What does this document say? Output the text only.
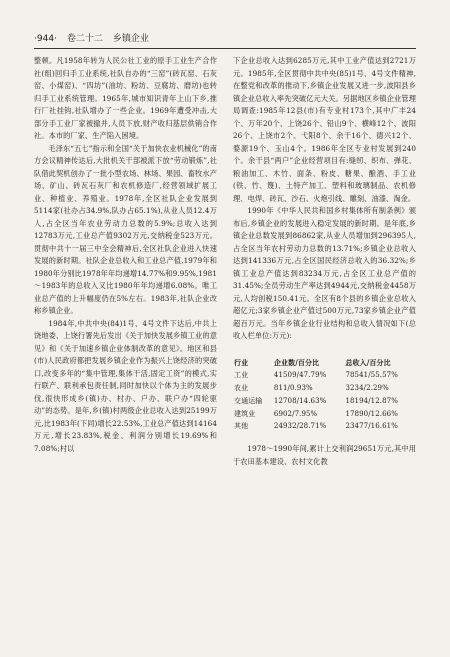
·944· 卷二十二 乡镇企业

整顿。凡1958年转为人民公社工业的原手工业生产合作社(组)回归手工业系统,社队自办的“三窑”(砖瓦窑、石灰窑、小煤窑)、“四坊”(油坊、粉坊、豆腐坊、磨坊)也转归手工业系统管理。1965年,城市知识青年上山下乡,推行厂社挂钩,社队增办了一些企业。1969年遭受冲击,大部分手工业厂家被撤并,人员下放,财产收归基层供销合作社。本市的厂家、生产陷入困境。

毛泽东“五七”指示和全国“关于加快农业机械化”的南方会议精神传达后,大批机关干部被派下放“劳动锻炼”,社队借此契机创办了一批小型农场、林场、果园、畜牧水产场、矿山、砖瓦石灰厂和农机修造厂,经营领域扩展工业、种植业、养殖业。1978年,全区社队企业发展到5114家(社办占34.9%,队办占65.1%),从业人员12.4万人,占全区当年农业劳动力总数的5.9%;总收入达到12783万元,工业总产值9302万元,交纳税金523万元。贯彻中共十一届三中全会精神后,全区社队企业进入快速发展的新时期。社队企业总收入和工业总产值,1979年和1980年分别比1978年年均递增14.77%和9.95%,1981～1983年的总收入又比1980年年均递增6.08%。唯工业总产值的上升幅度仍在5%左右。1983年,社队企业改称乡镇企业。

1984年,中共中央(84)1号、4号文件下达后,中共上饶地委、上饶行署先后发出《关于加快发展乡镇工业的意见》和《关于加速乡镇企业体制改革的意见》。地区和县(市)人民政府都把发展乡镇企业作为振兴上饶经济的突破口,改变多年的“集中管理,集体干活,固定工资”的模式,实行联产、联利承包责任制,同时加快以个体为主的发展步伐,很快形成乡(镇)办、村办、户办、联户办“四轮驱动”的态势。是年,乡(镇)村两级企业总收入达到25199万元,比1983年(下同)增长22.53%,工业总产值达到14164万元,增长23.83%,税金、利润分别增长19.69%和7.08%;村以

下企业总收入达到6285万元,其中工业产值达到2721万元。1985年,全区贯彻中共中央(85)1号、4号文件精神,在整党和改革的推动下,乡镇企业发展又进一步,波阳县乡镇企业总收入率先突破亿元大关。另据地区乡镇企业管理局调查:1985年12县(市)有专业村173个,其中广丰24个、万年20个、上饶26个、铅山9个、横峰12个、波阳26个、上饶市2个、弋阳8个、余干16个、德兴12个、婺源19个、玉山4个。1986年全区专业村发展到240个。余干县“两户”企业经营项目有:缝纫、织布、弹花、粮油加工、木竹、面条、粉皮、糖果、酿酒、手工业(铁、竹、篾)、土特产加工、塑料和玻璃制品、农机修理、电焊、砖瓦、沙石、火炮引线、雕刻、油漆、淘金。

1990年《中华人民共和国乡村集体所有制条例》颁布后,乡镇企业的发展进入稳定发展的新时期。是年底,乡镇企业总数发展到86862家,从业人员增加到296395人,占全区当年农村劳动力总数的13.71%;乡镇企业总收入达到141336万元,占全区国民经济总收入的36.32%;乡镇工业总产值达到83234万元,占全区工业总产值的31.45%;全员劳动生产率达到4944元,交纳税金4458万元,人均创税150.41元。全区有8个县的乡镇企业总收入超亿元;3家乡镇企业产值过500万元,73家乡镇企业产值超百万元。当年乡镇企业行业结构和总收入情况如下(总收入栏单位:万元):

行业	企业数/百分比	总收入/百分比
工业	41509/47.79%	78541/55.57%
农业	811/0.93%	3234/2.29%
交通运输	12708/14.63%	18194/12.87%
建筑业	6902/7.95%	17890/12.66%
其他	24932/28.71%	23477/16.61%

1978～1990年间,累计上交利润29651万元,其中用于农田基本建设、农村文化教
